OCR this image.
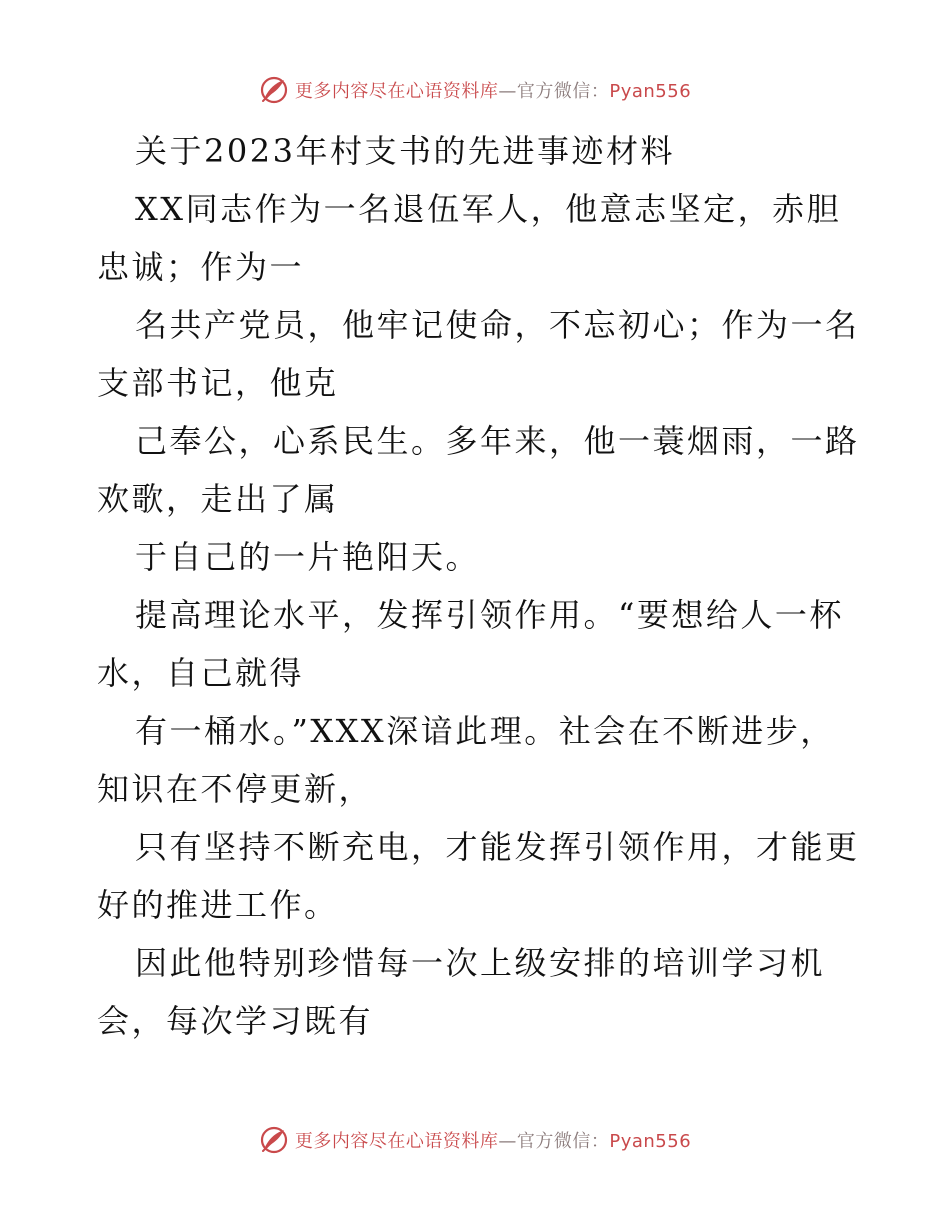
更多内容尽在心语资料库—官方微信：Pyan556
关于2023年村支书的先进事迹材料
XX同志作为一名退伍军人，他意志坚定，赤胆
忠诚；作为一
名共产党员，他牢记使命，不忘初心；作为一名
支部书记，他克
己奉公，心系民生。多年来，他一蓑烟雨，一路
欢歌，走出了属
于自己的一片艳阳天。
提高理论水平，发挥引领作用。“要想给人一杯
水，自己就得
有一桶水。”XXX深谙此理。社会在不断进步，
知识在不停更新，
只有坚持不断充电，才能发挥引领作用，才能更
好的推进工作。
因此他特别珍惜每一次上级安排的培训学习机
会，每次学习既有
更多内容尽在心语资料库—官方微信：Pyan556
